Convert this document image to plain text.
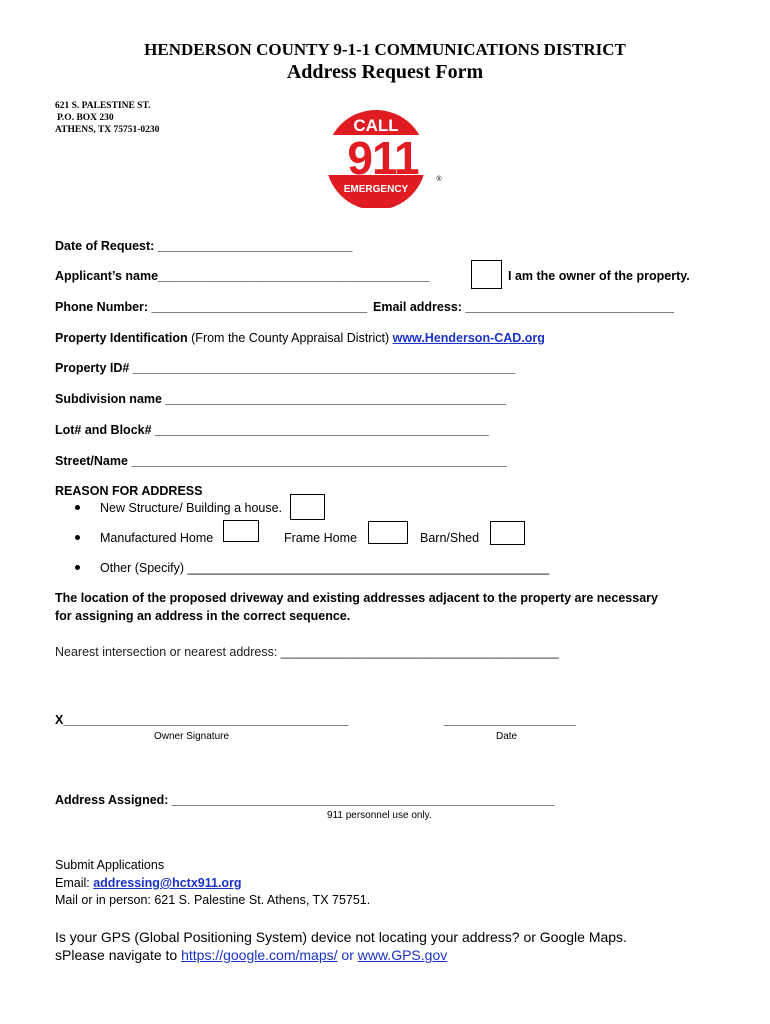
HENDERSON COUNTY 9-1-1 COMMUNICATIONS DISTRICT
Address Request Form
621 S. PALESTINE ST.
P.O. BOX 230
ATHENS, TX 75751-0230	CALL
911
EMERGENCY
®
Date of Request: ____________________________
Applicant’s name_______________________________________	I am the owner of the property.
Phone Number: _______________________________ Email address: ______________________________
Property Identification (From the County Appraisal District) www.Henderson-CAD.org
Property ID# _______________________________________________________
Subdivision name _________________________________________________
Lot# and Block# ________________________________________________
Street/Name ______________________________________________________
REASON FOR ADDRESS
New Structure/ Building a house.
Manufactured Home	Frame Home	Barn/Shed
Other (Specify) ____________________________________________________
The location of the proposed driveway and existing addresses adjacent to the property are necessary
for assigning an address in the correct sequence.
Nearest intersection or nearest address: ________________________________________
X_________________________________________	___________________
Owner Signature	Date
Address Assigned: _______________________________________________________
911 personnel use only.
Submit Applications
Email: addressing@hctx911.org
Mail or in person: 621 S. Palestine St. Athens, TX 75751.
Is your GPS (Global Positioning System) device not locating your address? or Google Maps.
sPlease navigate to https://google.com/maps/ or www.GPS.gov
